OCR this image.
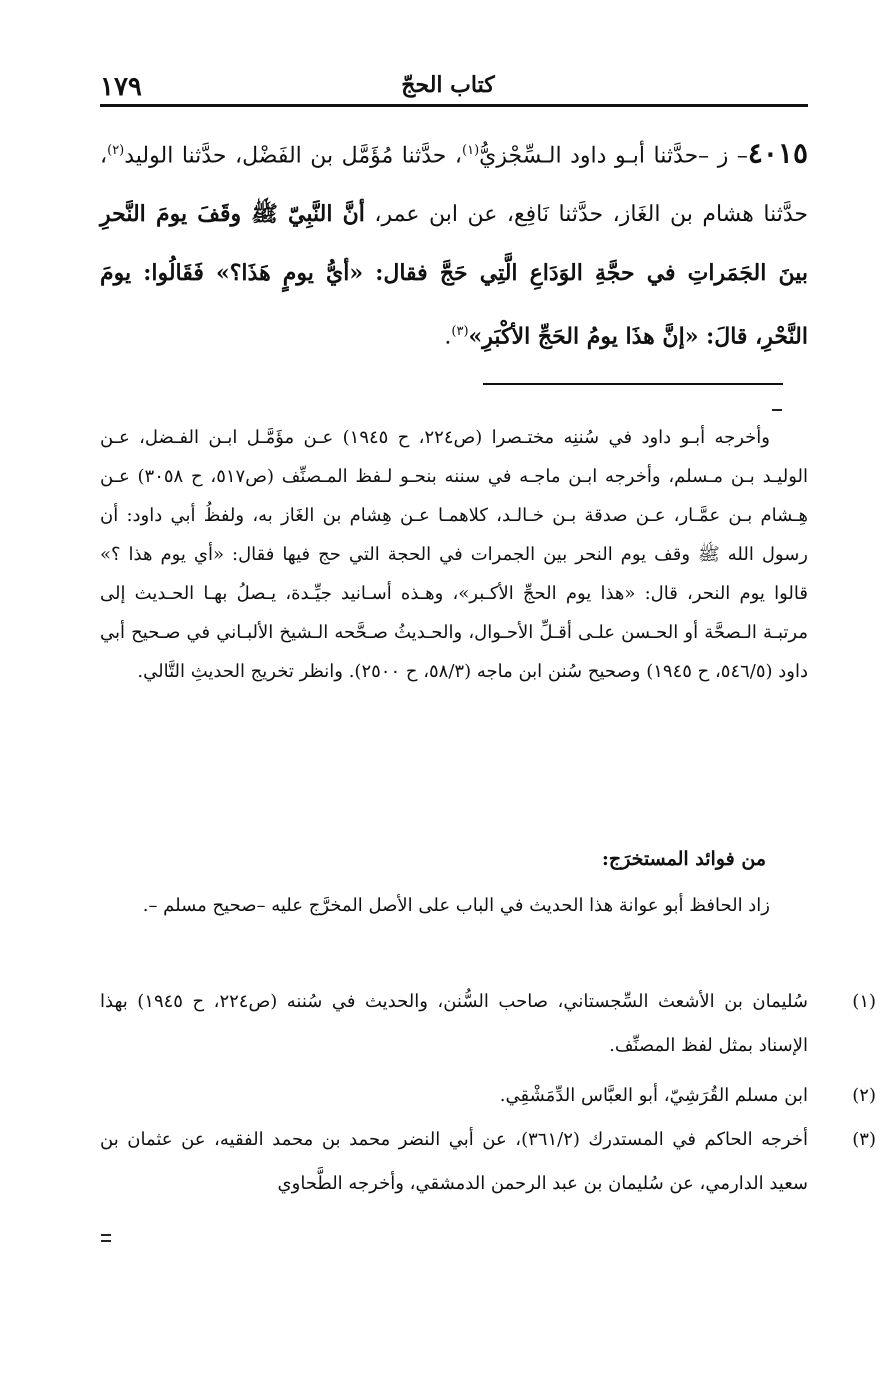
كتاب الحجّ
١٧٩
٤٠١٥– ز –حدَّثنا أبـو داود الـسِّجْزيُّ$^{(١)}$، حدَّثنا مُؤَمَّل بن الفَضْل، حدَّثنا الوليد$^{(٢)}$، حدَّثنا هشام بن الغَاز، حدَّثنا نَافِع، عن ابن عمر، أنَّ النَّبِيّ ﷺ وقَفَ يومَ النَّحرِ بينَ الجَمَراتِ في حجَّةِ الوَدَاعِ الَّتِي حَجَّ فقال: «أيُّ يومٍ هَذَا؟» فَقَالُوا: يومَ النَّحْرِ، قالَ: «إنَّ هذَا يومُ الحَجِّ الأكْبَرِ»$^{(٣)}$.

وأخرجه أبـو داود في سُننِه مختـصرا (ص٢٢٤، ح ١٩٤٥) عـن مؤَمَّـل ابـن الفـضل، عـن الوليـد بـن مـسلم، وأخرجه ابـن ماجـه في سننه بنحـو لـفظ المـصنِّف (ص٥١٧، ح ٣٠٥٨) عـن هِـشام بـن عمَّـار، عـن صدقة بـن خـالـد، كلاهمـا عـن هِشام بن الغَاز به، ولفظُ أبي داود: أن رسول الله ﷺ وقف يوم النحر بين الجمرات في الحجة التي حج فيها فقال: «أي يوم هذا ؟» قالوا يوم النحر، قال: «هذا يوم الحجِّ الأكـبر»، وهـذه أسـانيد جيِّـدة، يـصلُ بهـا الحـديث إلى مرتبـة الـصحَّة أو الحـسن علـى أقـلِّ الأحـوال، والحـديثُ صـحَّحه الـشيخ الألبـاني في صـحيح أبي داود (٥٤٦/٥، ح ١٩٤٥) وصحيح سُنن ابن ماجه (٥٨/٣، ح ٢٥٠٠). وانظر تخريج الحديثِ التَّالي.

من فوائد المستخرَج:

زاد الحافظ أبو عوانة هذا الحديث في الباب على الأصل المخرَّج عليه –صحيح مسلم –.

(١)سُليمان بن الأشعث السِّجستاني، صاحب السُّنن، والحديث في سُننه (ص٢٢٤، ح ١٩٤٥) بهذا الإسناد بمثل لفظ المصنِّف.
(٢)ابن مسلم القُرَشِيّ، أبو العبَّاس الدِّمَشْقِي.
(٣)أخرجه الحاكم في المستدرك (٣٦١/٢)، عن أبي النضر محمد بن محمد الفقيه، عن عثمان بن سعيد الدارمي، عن سُليمان بن عبد الرحمن الدمشقي، وأخرجه الطَّحاوي
